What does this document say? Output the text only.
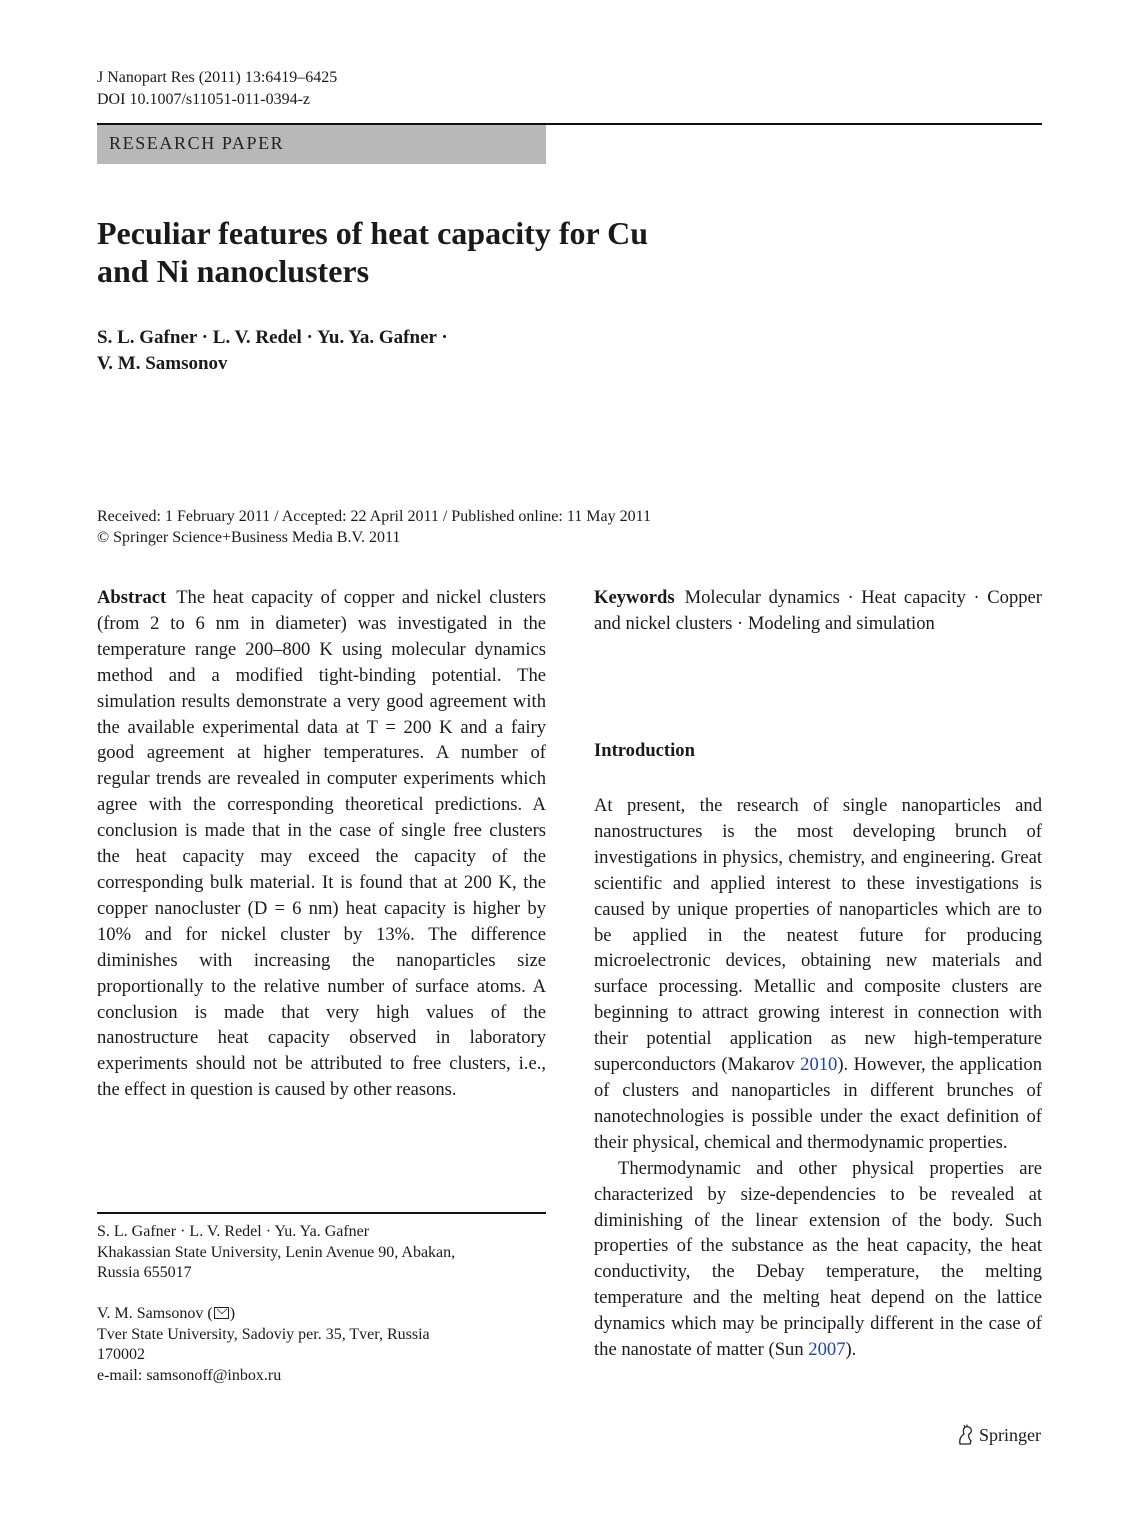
J Nanopart Res (2011) 13:6419–6425
DOI 10.1007/s11051-011-0394-z
RESEARCH PAPER
Peculiar features of heat capacity for Cu
and Ni nanoclusters
S. L. Gafner · L. V. Redel · Yu. Ya. Gafner ·
V. M. Samsonov
Received: 1 February 2011 / Accepted: 22 April 2011 / Published online: 11 May 2011
© Springer Science+Business Media B.V. 2011
Abstract The heat capacity of copper and nickel clusters (from 2 to 6 nm in diameter) was investigated in the temperature range 200–800 K using molecular dynamics method and a modified tight-binding potential. The simulation results demonstrate a very good agreement with the available experimental data at T = 200 K and a fairy good agreement at higher temperatures. A number of regular trends are revealed in computer experiments which agree with the corresponding theoretical predictions. A conclusion is made that in the case of single free clusters the heat capacity may exceed the capacity of the corresponding bulk material. It is found that at 200 K, the copper nanocluster (D = 6 nm) heat capacity is higher by 10% and for nickel cluster by 13%. The difference diminishes with increasing the nanoparticles size proportionally to the relative number of surface atoms. A conclusion is made that very high values of the nanostructure heat capacity observed in laboratory experiments should not be attributed to free clusters, i.e., the effect in question is caused by other reasons.
Keywords Molecular dynamics · Heat capacity · Copper and nickel clusters · Modeling and simulation
Introduction

At present, the research of single nanoparticles and nanostructures is the most developing brunch of investigations in physics, chemistry, and engineering. Great scientific and applied interest to these investigations is caused by unique properties of nanoparticles which are to be applied in the neatest future for producing microelectronic devices, obtaining new materials and surface processing. Metallic and composite clusters are beginning to attract growing interest in connection with their potential application as new high-temperature superconductors (Makarov 2010). However, the application of clusters and nanoparticles in different brunches of nanotechnologies is possible under the exact definition of their physical, chemical and thermodynamic properties.

Thermodynamic and other physical properties are characterized by size-dependencies to be revealed at diminishing of the linear extension of the body. Such properties of the substance as the heat capacity, the heat conductivity, the Debay temperature, the melting temperature and the melting heat depend on the lattice dynamics which may be principally different in the case of the nanostate of matter (Sun 2007).

S. L. Gafner · L. V. Redel · Yu. Ya. Gafner
Khakassian State University, Lenin Avenue 90, Abakan,
Russia 655017
V. M. Samsonov ( )
Tver State University, Sadoviy per. 35, Tver, Russia
170002
e-mail: samsonoff@inbox.ru
Springer
